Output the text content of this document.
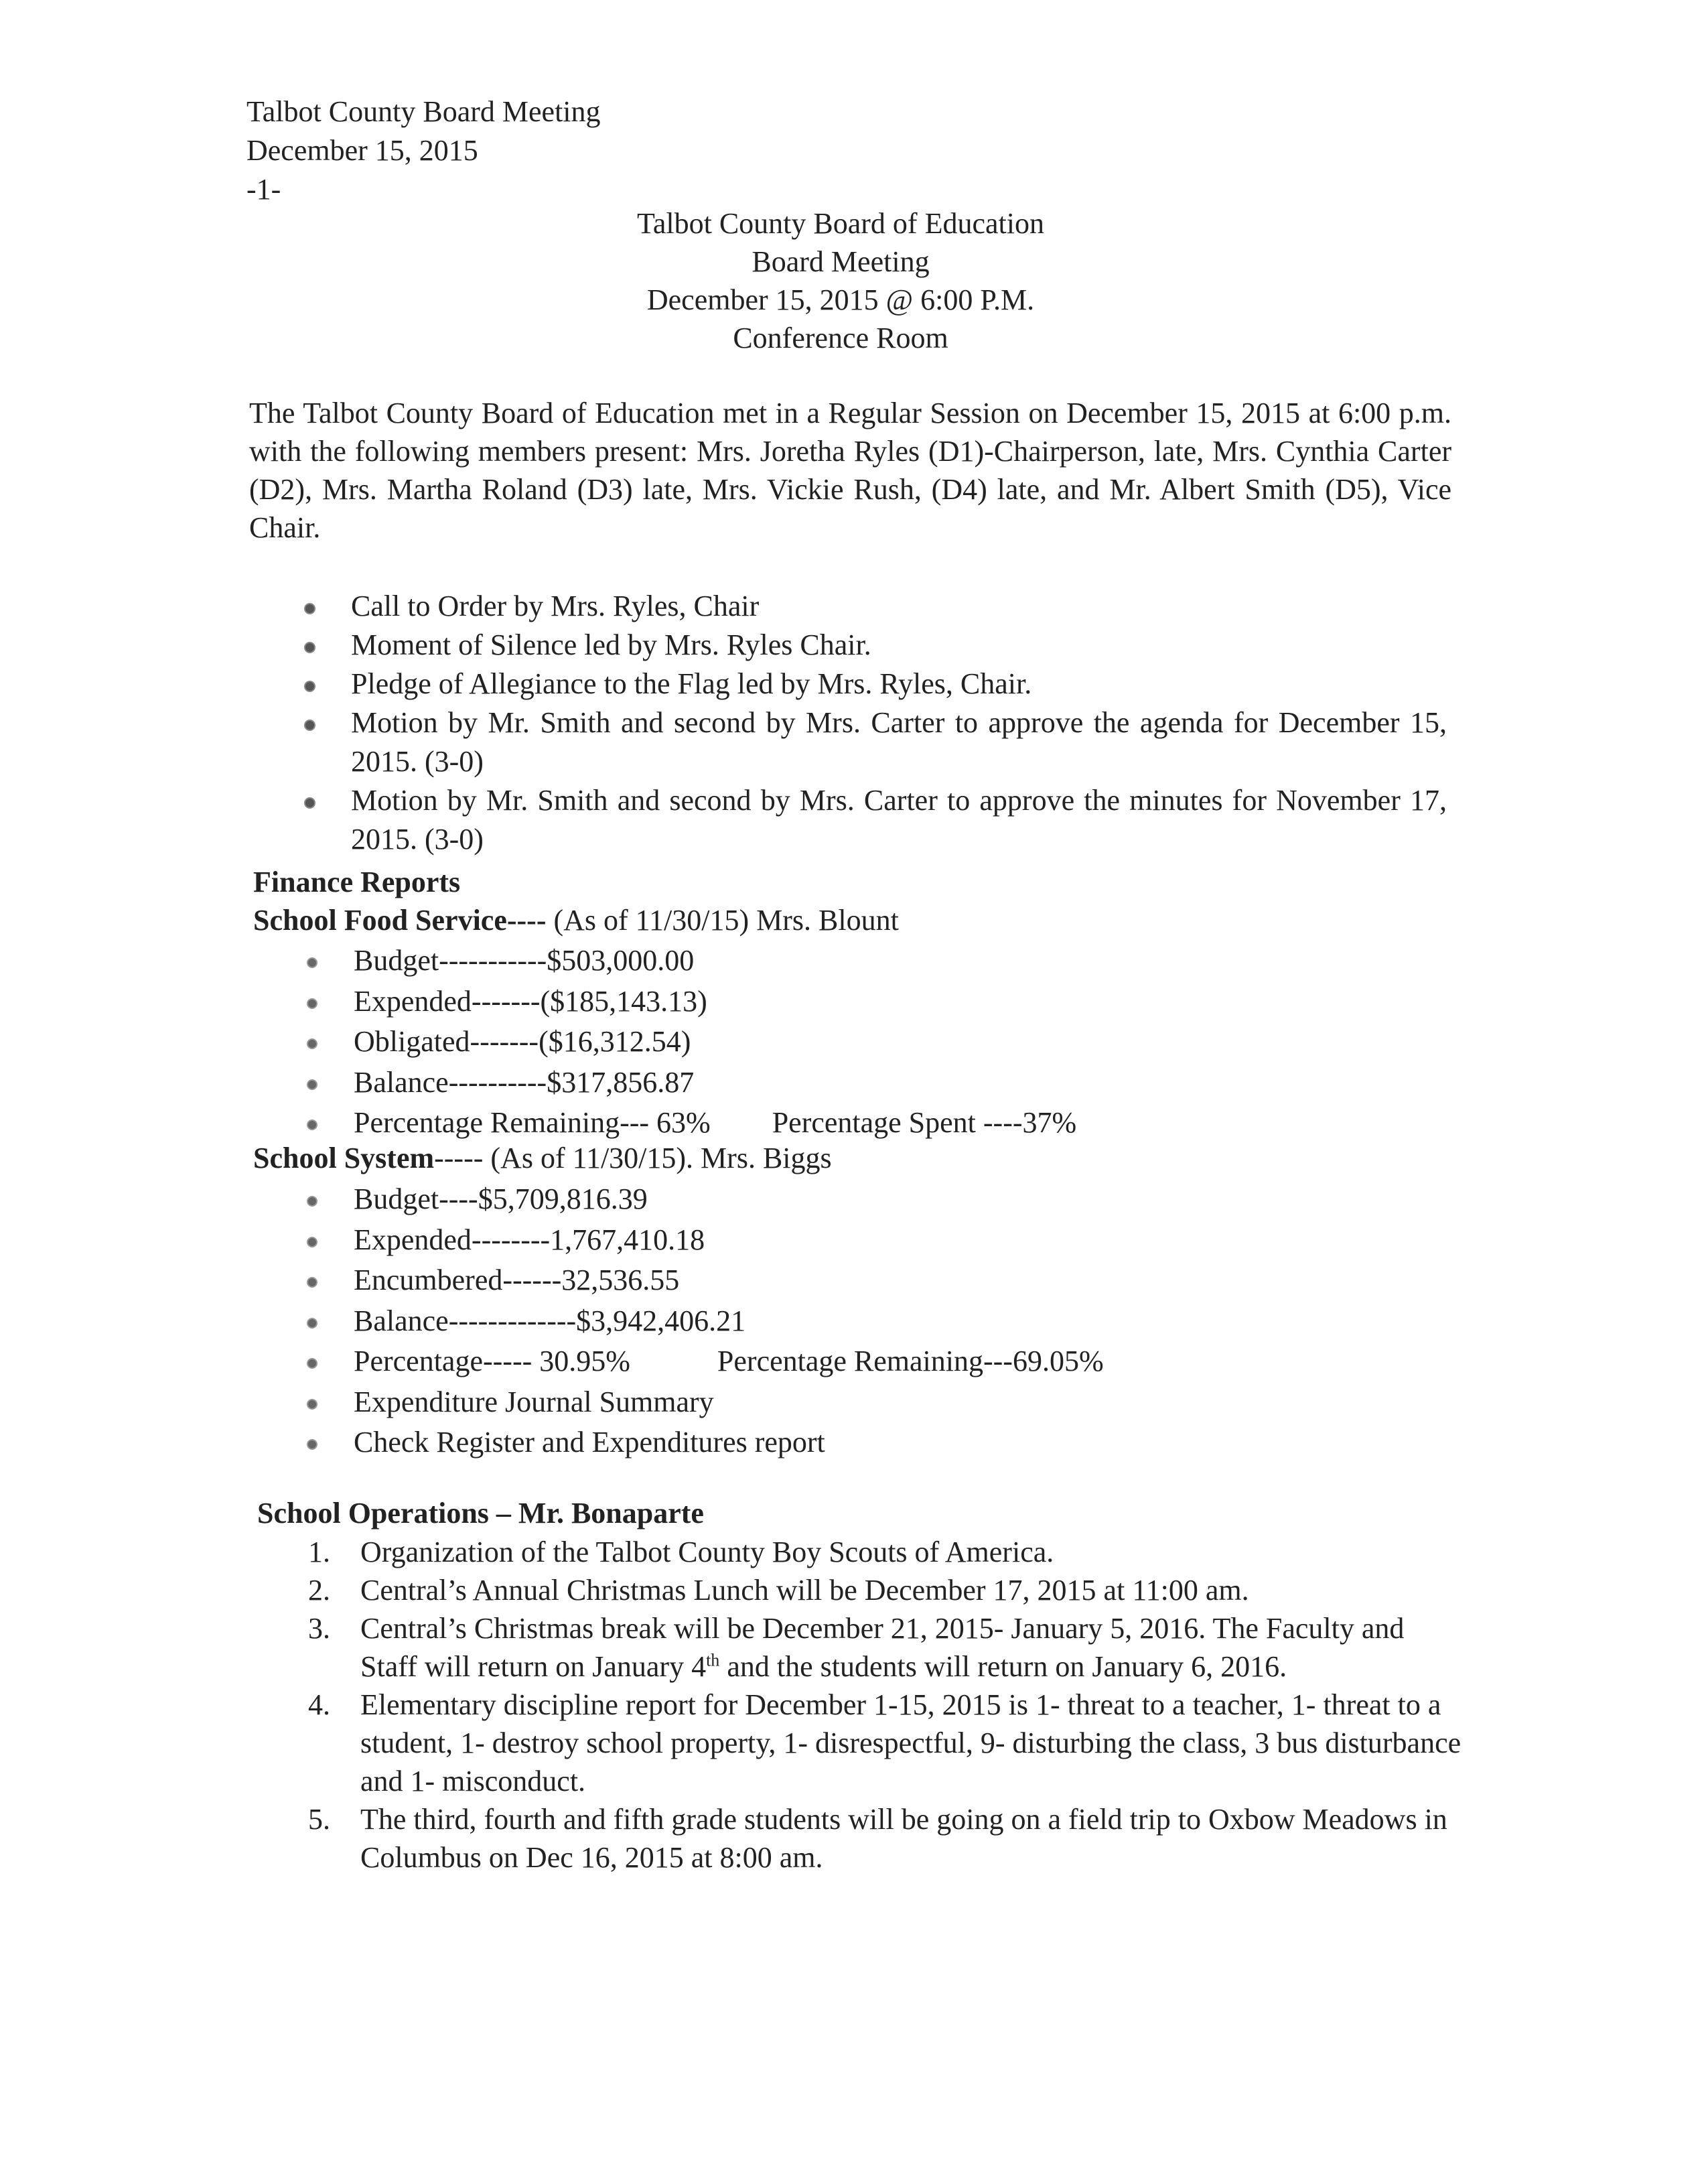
Talbot County Board Meeting
December 15, 2015
-1-
Talbot County Board of Education
Board Meeting
December 15, 2015 @ 6:00 P.M.
Conference Room
The Talbot County Board of Education met in a Regular Session on December 15, 2015 at 6:00 p.m. with the following members present: Mrs. Joretha Ryles (D1)-Chairperson, late, Mrs. Cynthia Carter (D2), Mrs. Martha Roland (D3) late, Mrs. Vickie Rush, (D4) late, and Mr. Albert Smith (D5), Vice Chair.
Call to Order by Mrs. Ryles, Chair
Moment of Silence led by Mrs. Ryles Chair.
Pledge of Allegiance to the Flag led by Mrs. Ryles, Chair.
Motion by Mr. Smith and second by Mrs. Carter to approve the agenda for December 15, 2015. (3-0)
Motion by Mr. Smith and second by Mrs. Carter to approve the minutes for November 17, 2015. (3-0)
Finance Reports
School Food Service---- (As of 11/30/15) Mrs. Blount
Budget-----------$503,000.00
Expended-------($185,143.13)
Obligated-------($16,312.54)
Balance----------$317,856.87
Percentage Remaining--- 63% Percentage Spent ----37%
School System----- (As of 11/30/15). Mrs. Biggs
Budget----$5,709,816.39
Expended--------1,767,410.18
Encumbered------32,536.55
Balance-------------$3,942,406.21
Percentage----- 30.95%	Percentage Remaining---69.05%
Expenditure Journal Summary
Check Register and Expenditures report
School Operations – Mr. Bonaparte
1. Organization of the Talbot County Boy Scouts of America.
2. Central’s Annual Christmas Lunch will be December 17, 2015 at 11:00 am.
3. Central’s Christmas break will be December 21, 2015- January 5, 2016. The Faculty and Staff will return on January 4th and the students will return on January 6, 2016.
4. Elementary discipline report for December 1-15, 2015 is 1- threat to a teacher, 1- threat to a student, 1- destroy school property, 1- disrespectful, 9- disturbing the class, 3 bus disturbance and 1- misconduct.
5. The third, fourth and fifth grade students will be going on a field trip to Oxbow Meadows in Columbus on Dec 16, 2015 at 8:00 am.
